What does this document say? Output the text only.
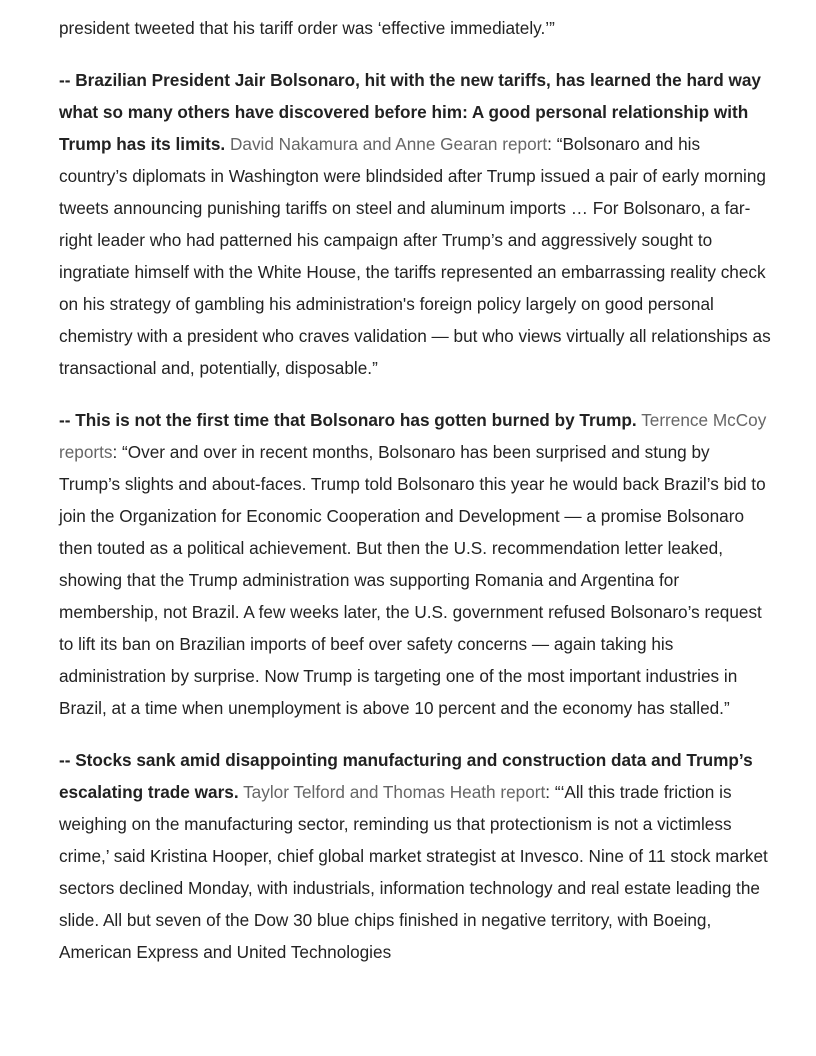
president tweeted that his tariff order was ‘effective immediately.’”

-- Brazilian President Jair Bolsonaro, hit with the new tariffs, has learned the hard way what so many others have discovered before him: A good personal relationship with Trump has its limits. David Nakamura and Anne Gearan report: “Bolsonaro and his country’s diplomats in Washington were blindsided after Trump issued a pair of early morning tweets announcing punishing tariffs on steel and aluminum imports … For Bolsonaro, a far-right leader who had patterned his campaign after Trump’s and aggressively sought to ingratiate himself with the White House, the tariffs represented an embarrassing reality check on his strategy of gambling his administration's foreign policy largely on good personal chemistry with a president who craves validation — but who views virtually all relationships as transactional and, potentially, disposable.”

-- This is not the first time that Bolsonaro has gotten burned by Trump. Terrence McCoy reports: “Over and over in recent months, Bolsonaro has been surprised and stung by Trump’s slights and about-faces. Trump told Bolsonaro this year he would back Brazil’s bid to join the Organization for Economic Cooperation and Development — a promise Bolsonaro then touted as a political achievement. But then the U.S. recommendation letter leaked, showing that the Trump administration was supporting Romania and Argentina for membership, not Brazil. A few weeks later, the U.S. government refused Bolsonaro’s request to lift its ban on Brazilian imports of beef over safety concerns — again taking his administration by surprise. Now Trump is targeting one of the most important industries in Brazil, at a time when unemployment is above 10 percent and the economy has stalled.”

-- Stocks sank amid disappointing manufacturing and construction data and Trump’s escalating trade wars. Taylor Telford and Thomas Heath report: “‘All this trade friction is weighing on the manufacturing sector, reminding us that protectionism is not a victimless crime,’ said Kristina Hooper, chief global market strategist at Invesco. Nine of 11 stock market sectors declined Monday, with industrials, information technology and real estate leading the slide. All but seven of the Dow 30 blue chips finished in negative territory, with Boeing, American Express and United Technologies
